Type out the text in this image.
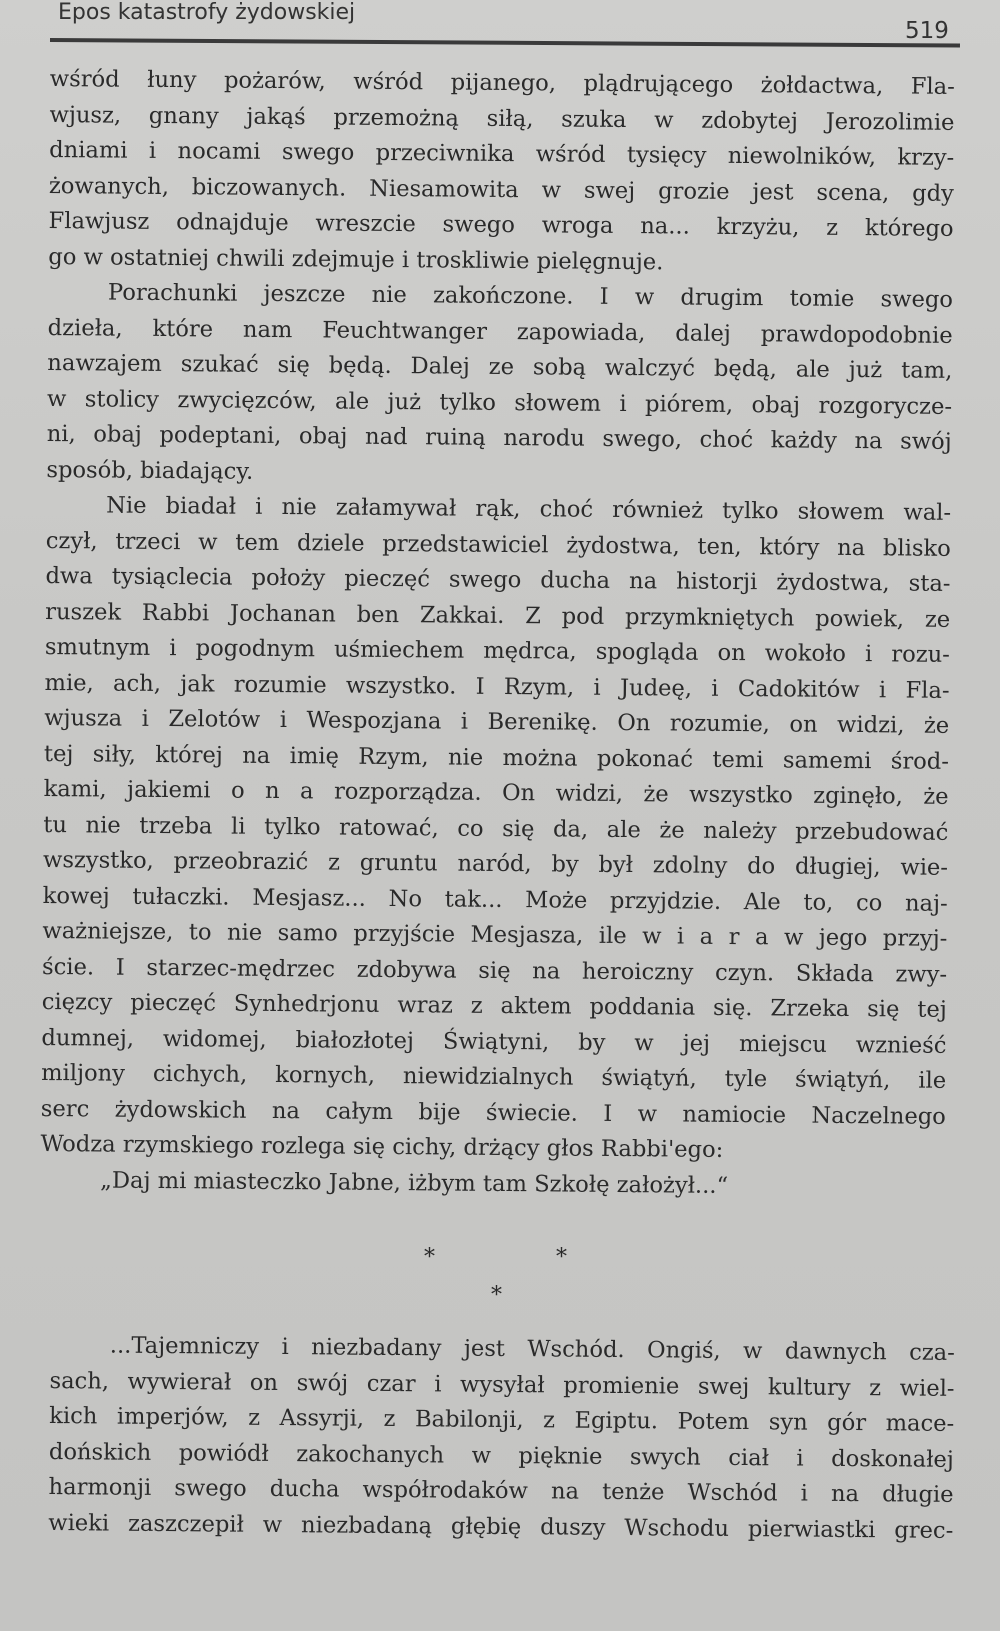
Epos katastrofy żydowskiej
519
wśród łuny pożarów, wśród pijanego, plądrującego żołdactwa, Fla-
wjusz, gnany jakąś przemożną siłą, szuka w zdobytej Jerozolimie
dniami i nocami swego przeciwnika wśród tysięcy niewolników, krzy-
żowanych, biczowanych. Niesamowita w swej grozie jest scena, gdy
Flawjusz odnajduje wreszcie swego wroga na... krzyżu, z którego
go w ostatniej chwili zdejmuje i troskliwie pielęgnuje.
Porachunki jeszcze nie zakończone. I w drugim tomie swego
dzieła, które nam Feuchtwanger zapowiada, dalej prawdopodobnie
nawzajem szukać się będą. Dalej ze sobą walczyć będą, ale już tam,
w stolicy zwycięzców, ale już tylko słowem i piórem, obaj rozgorycze-
ni, obaj podeptani, obaj nad ruiną narodu swego, choć każdy na swój
sposób, biadający.
Nie biadał i nie załamywał rąk, choć również tylko słowem wal-
czył, trzeci w tem dziele przedstawiciel żydostwa, ten, który na blisko
dwa tysiąclecia położy pieczęć swego ducha na historji żydostwa, sta-
ruszek Rabbi Jochanan ben Zakkai. Z pod przymkniętych powiek, ze
smutnym i pogodnym uśmiechem mędrca, spogląda on wokoło i rozu-
mie, ach, jak rozumie wszystko. I Rzym, i Judeę, i Cadokitów i Fla-
wjusza i Zelotów i Wespozjana i Berenikę. On rozumie, on widzi, że
tej siły, której na imię Rzym, nie można pokonać temi samemi środ-
kami, jakiemi o n a rozporządza. On widzi, że wszystko zginęło, że
tu nie trzeba li tylko ratować, co się da, ale że należy przebudować
wszystko, przeobrazić z gruntu naród, by był zdolny do długiej, wie-
kowej tułaczki. Mesjasz... No tak... Może przyjdzie. Ale to, co naj-
ważniejsze, to nie samo przyjście Mesjasza, ile w i a r a w jego przyj-
ście. I starzec-mędrzec zdobywa się na heroiczny czyn. Składa zwy-
cięzcy pieczęć Synhedrjonu wraz z aktem poddania się. Zrzeka się tej
dumnej, widomej, białozłotej Świątyni, by w jej miejscu wznieść
miljony cichych, kornych, niewidzialnych świątyń, tyle świątyń, ile
serc żydowskich na całym bije świecie. I w namiocie Naczelnego
Wodza rzymskiego rozlega się cichy, drżący głos Rabbi'ego:
„Daj mi miasteczko Jabne, iżbym tam Szkołę założył...“
*	*
*
...Tajemniczy i niezbadany jest Wschód. Ongiś, w dawnych cza-
sach, wywierał on swój czar i wysyłał promienie swej kultury z wiel-
kich imperjów, z Assyrji, z Babilonji, z Egiptu. Potem syn gór mace-
dońskich powiódł zakochanych w pięknie swych ciał i doskonałej
harmonji swego ducha współrodaków na tenże Wschód i na długie
wieki zaszczepił w niezbadaną głębię duszy Wschodu pierwiastki grec-
